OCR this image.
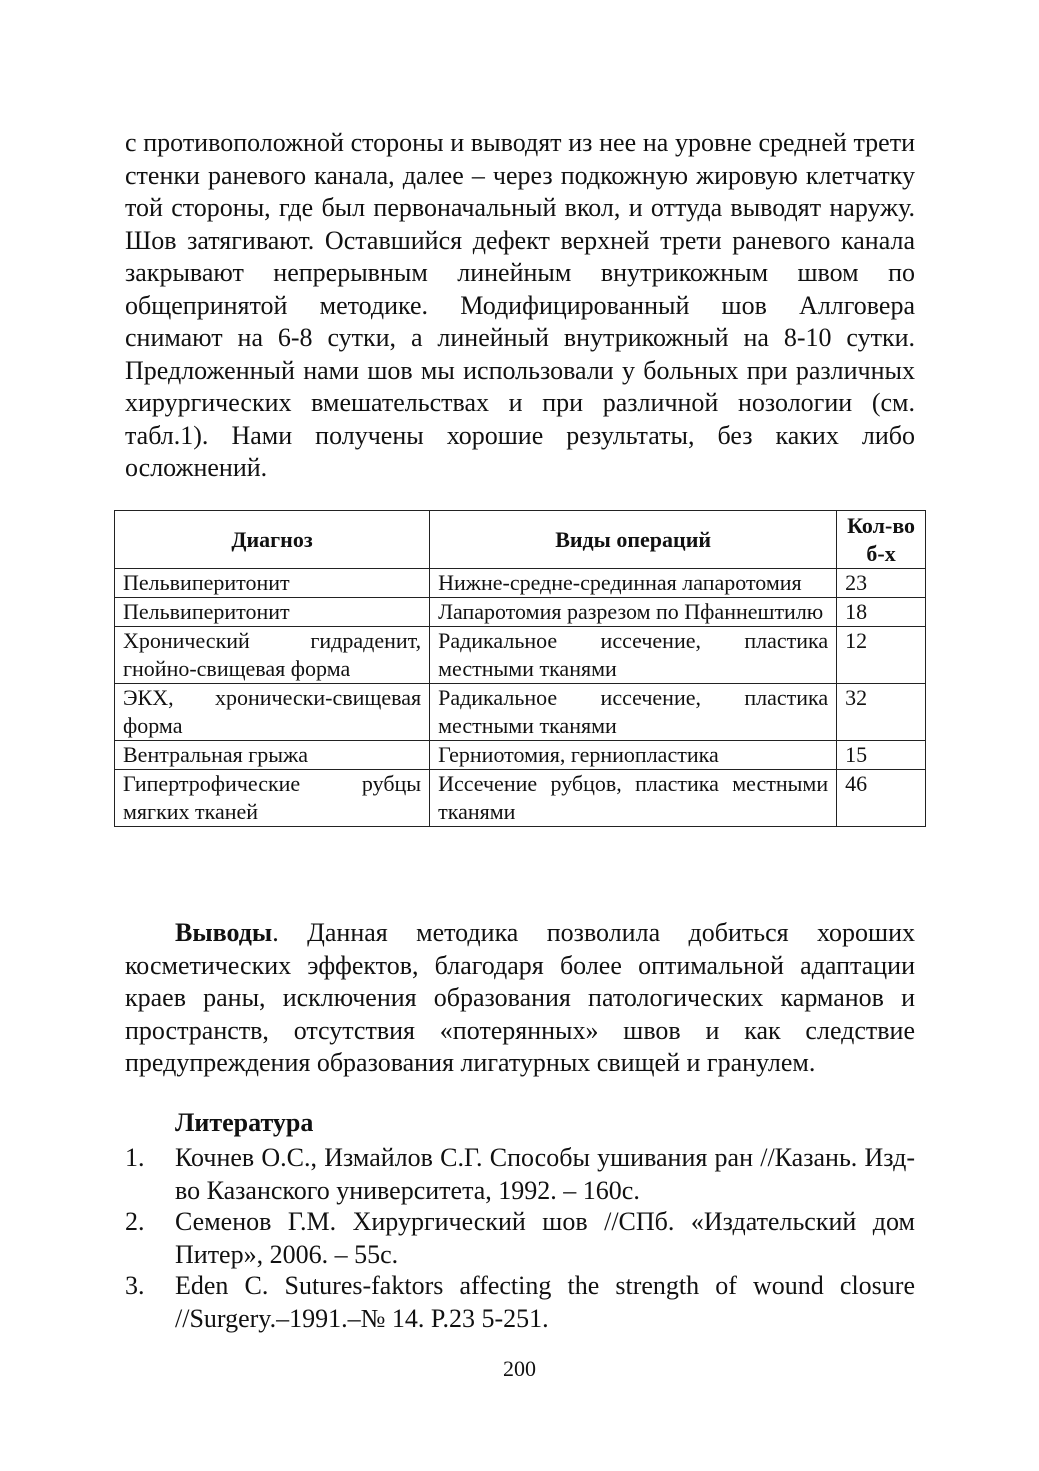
с противоположной стороны и выводят из нее на уровне средней трети стенки раневого канала, далее – через подкожную жировую клетчатку той стороны, где был первоначальный вкол, и оттуда выводят наружу. Шов затягивают. Оставшийся дефект верхней трети раневого канала закрывают непрерывным линейным внутрикожным швом по общепринятой методике. Модифицированный шов Аллговера снимают на 6-8 сутки, а линейный внутрикожный на 8-10 сутки. Предложенный нами шов мы использовали у больных при различных хирургических вмешательствах и при различной нозологии (см. табл.1). Нами получены хорошие результаты, без каких либо осложнений.

Диагноз	Виды операций	Кол-во б-х
Пельвиперитонит	Нижне-средне-срединная лапаротомия	23
Пельвиперитонит	Лапаротомия разрезом по Пфаннештилю	18
Хронический гидраденит, гнойно-свищевая форма	Радикальное иссечение, пластика местными тканями	12
ЭКХ, хронически-свищевая форма	Радикальное иссечение, пластика местными тканями	32
Вентральная грыжа	Герниотомия, герниопластика	15
Гипертрофические рубцы мягких тканей	Иссечение рубцов, пластика местными тканями	46

Выводы. Данная методика позволила добиться хороших косметических эффектов, благодаря более оптимальной адаптации краев раны, исключения образования патологических карманов и пространств, отсутствия «потерянных» швов и как следствие предупреждения образования лигатурных свищей и гранулем.

Литература

1.	Кочнев О.С., Измайлов С.Г. Способы ушивания ран //Казань. Изд-во Казанского университета, 1992. – 160с.

2.	Семенов Г.М. Хирургический шов //СПб. «Издательский дом Питер», 2006. – 55с.

3.	Eden C. Sutures-faktors affecting the strength of wound closure //Surgery.–1991.–№ 14. P.23 5-251.

200
